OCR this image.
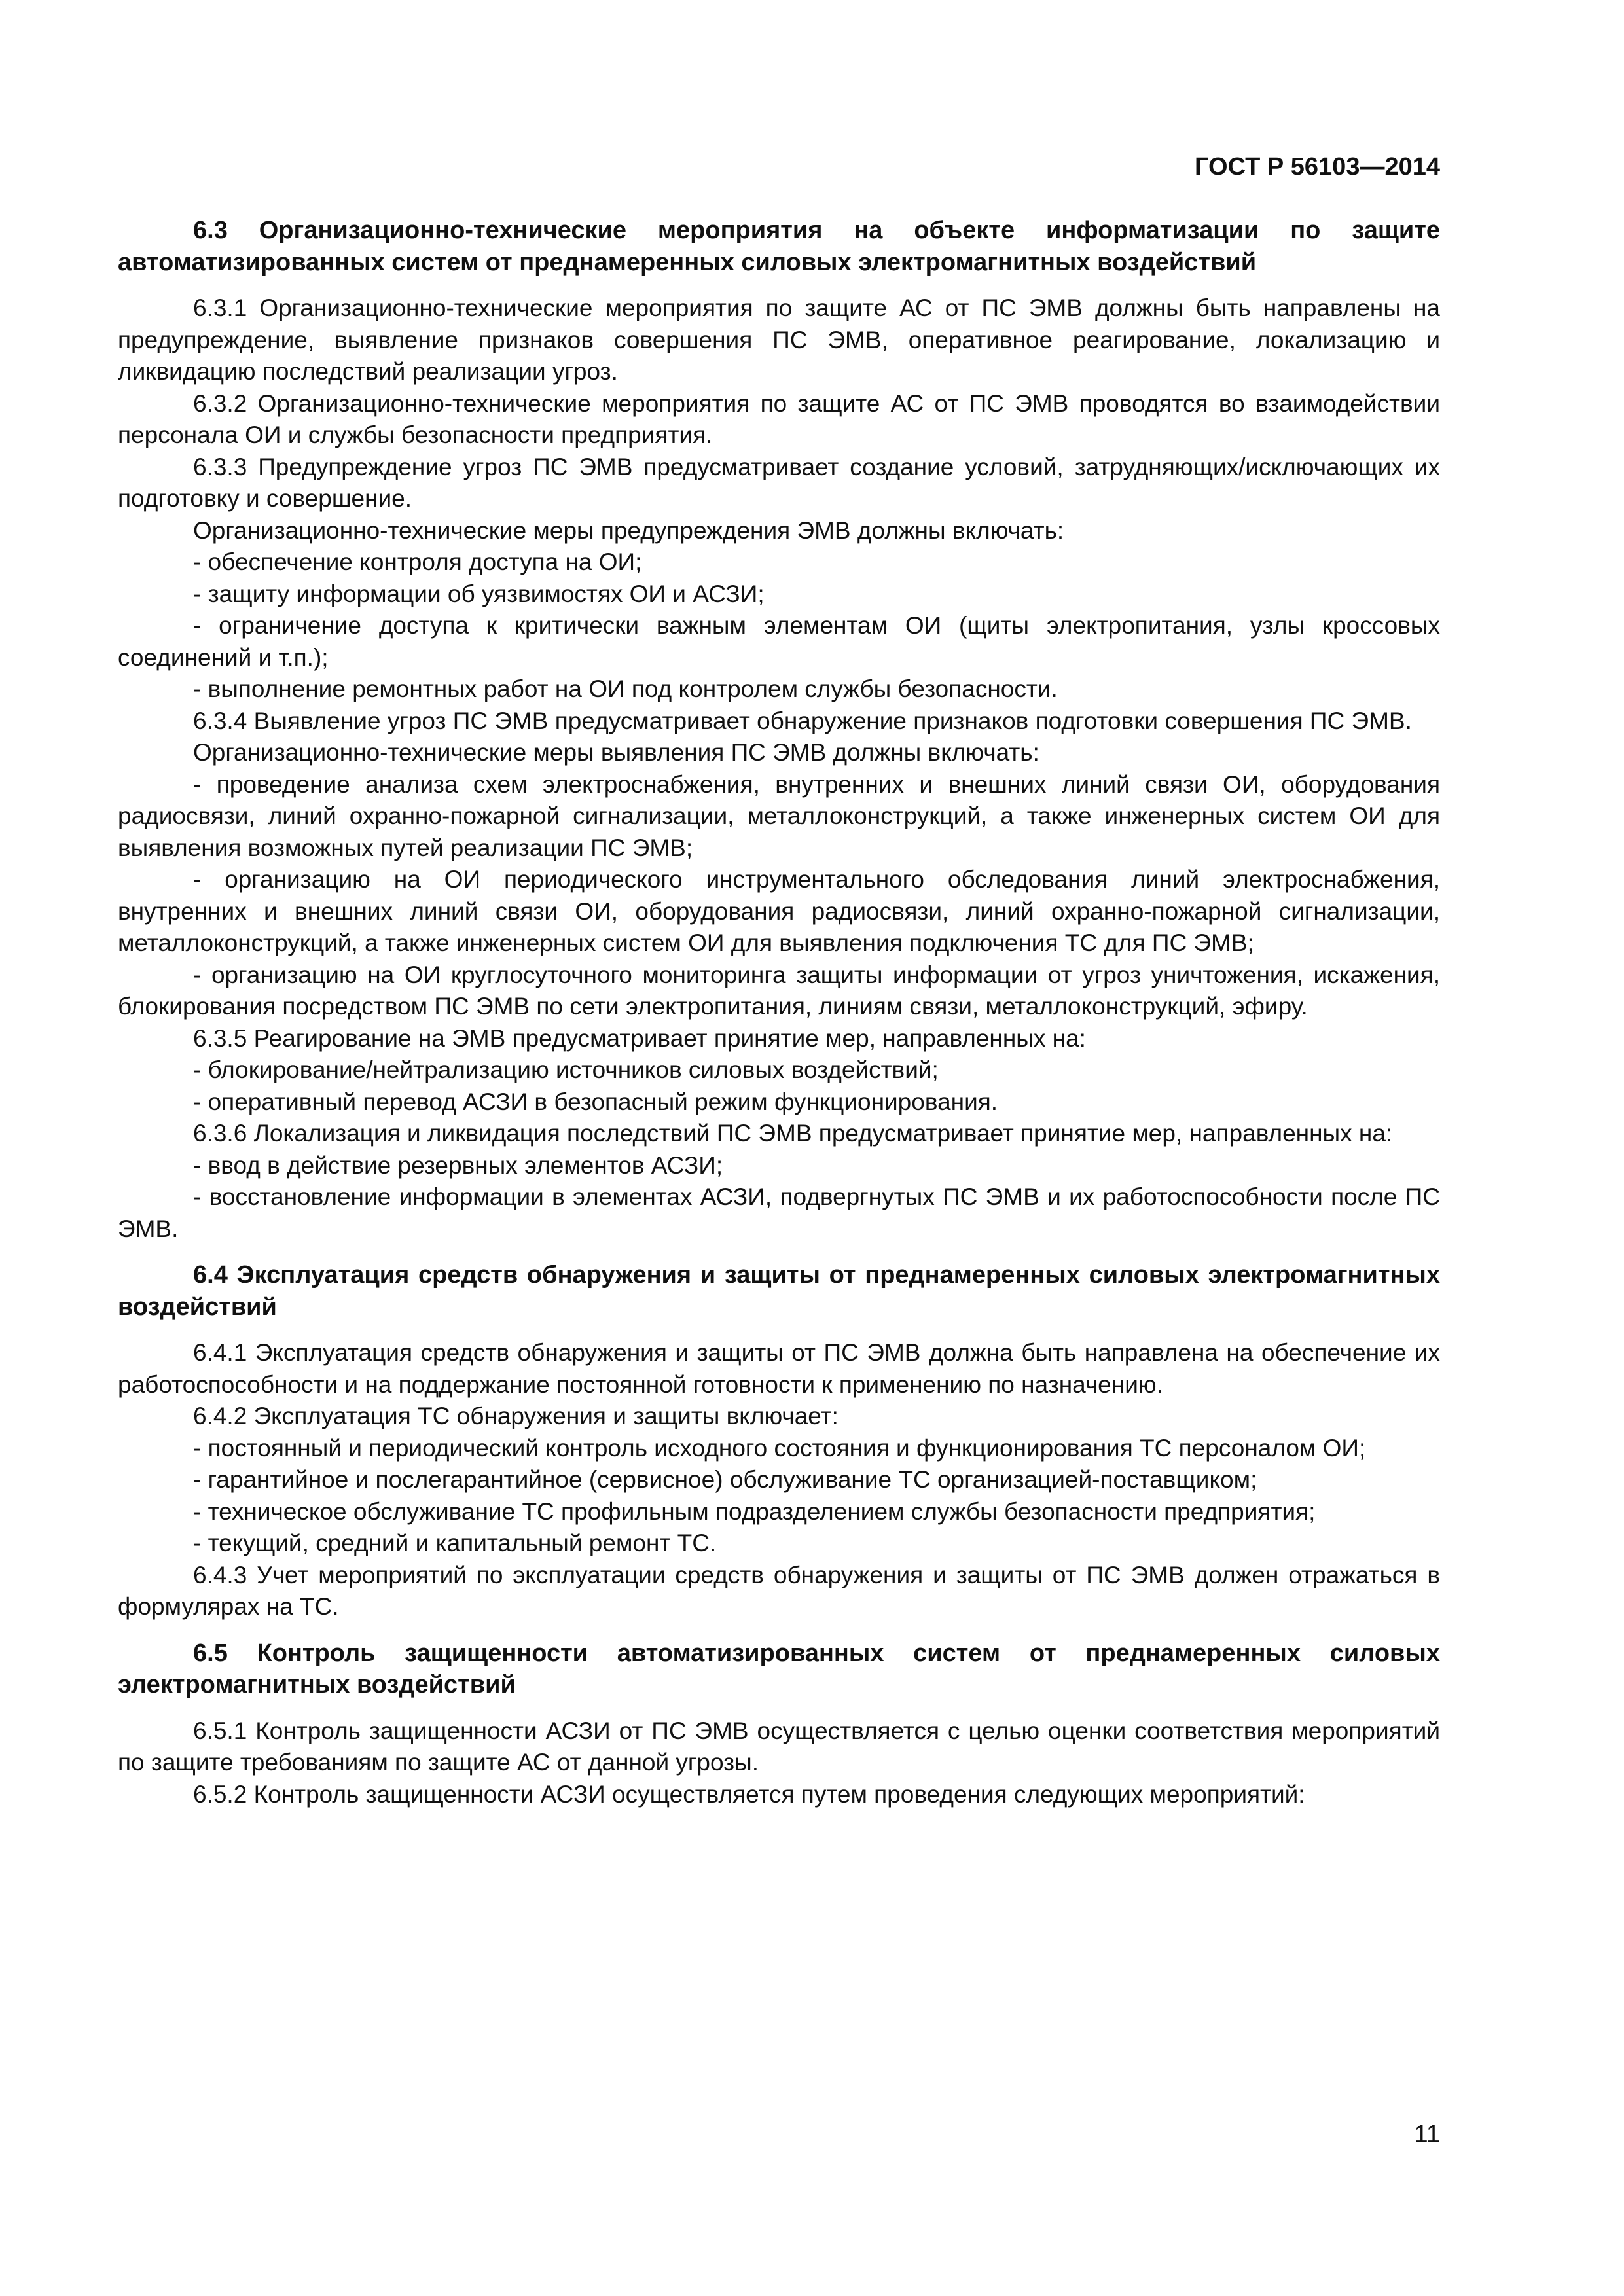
ГОСТ Р 56103—2014

6.3 Организационно-технические мероприятия на объекте информатизации по защите автоматизированных систем от преднамеренных силовых электромагнитных воздействий

6.3.1 Организационно-технические мероприятия по защите АС от ПС ЭМВ должны быть направлены на предупреждение, выявление признаков совершения ПС ЭМВ, оперативное реагирование, локализацию и ликвидацию последствий реализации угроз.

6.3.2 Организационно-технические мероприятия по защите АС от ПС ЭМВ проводятся во взаимодействии персонала ОИ и службы безопасности предприятия.

6.3.3 Предупреждение угроз ПС ЭМВ предусматривает создание условий, затрудняющих/исключающих их подготовку и совершение.

Организационно-технические меры предупреждения ЭМВ должны включать:

- обеспечение контроля доступа на ОИ;

- защиту информации об уязвимостях ОИ и АСЗИ;

- ограничение доступа к критически важным элементам ОИ (щиты электропитания, узлы кроссовых соединений и т.п.);

- выполнение ремонтных работ на ОИ под контролем службы безопасности.

6.3.4 Выявление угроз ПС ЭМВ предусматривает обнаружение признаков подготовки совершения ПС ЭМВ.

Организационно-технические меры выявления ПС ЭМВ должны включать:

- проведение анализа схем электроснабжения, внутренних и внешних линий связи ОИ, оборудования радиосвязи, линий охранно-пожарной сигнализации, металлоконструкций, а также инженерных систем ОИ для выявления возможных путей реализации ПС ЭМВ;

- организацию на ОИ периодического инструментального обследования линий электроснабжения, внутренних и внешних линий связи ОИ, оборудования радиосвязи, линий охранно-пожарной сигнализации, металлоконструкций, а также инженерных систем ОИ для выявления подключения ТС для ПС ЭМВ;

- организацию на ОИ круглосуточного мониторинга защиты информации от угроз уничтожения, искажения, блокирования посредством ПС ЭМВ по сети электропитания, линиям связи, металлоконструкций, эфиру.

6.3.5 Реагирование на ЭМВ предусматривает принятие мер, направленных на:

- блокирование/нейтрализацию источников силовых воздействий;

- оперативный перевод АСЗИ в безопасный режим функционирования.

6.3.6 Локализация и ликвидация последствий ПС ЭМВ предусматривает принятие мер, направленных на:

- ввод в действие резервных элементов АСЗИ;

- восстановление информации в элементах АСЗИ, подвергнутых ПС ЭМВ и их работоспособности после ПС ЭМВ.

6.4 Эксплуатация средств обнаружения и защиты от преднамеренных силовых электромагнитных воздействий

6.4.1 Эксплуатация средств обнаружения и защиты от ПС ЭМВ должна быть направлена на обеспечение их работоспособности и на поддержание постоянной готовности к применению по назначению.

6.4.2 Эксплуатация ТС обнаружения и защиты включает:

- постоянный и периодический контроль исходного состояния и функционирования ТС персоналом ОИ;

- гарантийное и послегарантийное (сервисное) обслуживание ТС организацией-поставщиком;

- техническое обслуживание ТС профильным подразделением службы безопасности предприятия;

- текущий, средний и капитальный ремонт ТС.

6.4.3 Учет мероприятий по эксплуатации средств обнаружения и защиты от ПС ЭМВ должен отражаться в формулярах на ТС.

6.5 Контроль защищенности автоматизированных систем от преднамеренных силовых электромагнитных воздействий

6.5.1 Контроль защищенности АСЗИ от ПС ЭМВ осуществляется с целью оценки соответствия мероприятий по защите требованиям по защите АС от данной угрозы.

6.5.2 Контроль защищенности АСЗИ осуществляется путем проведения следующих мероприятий:

11
